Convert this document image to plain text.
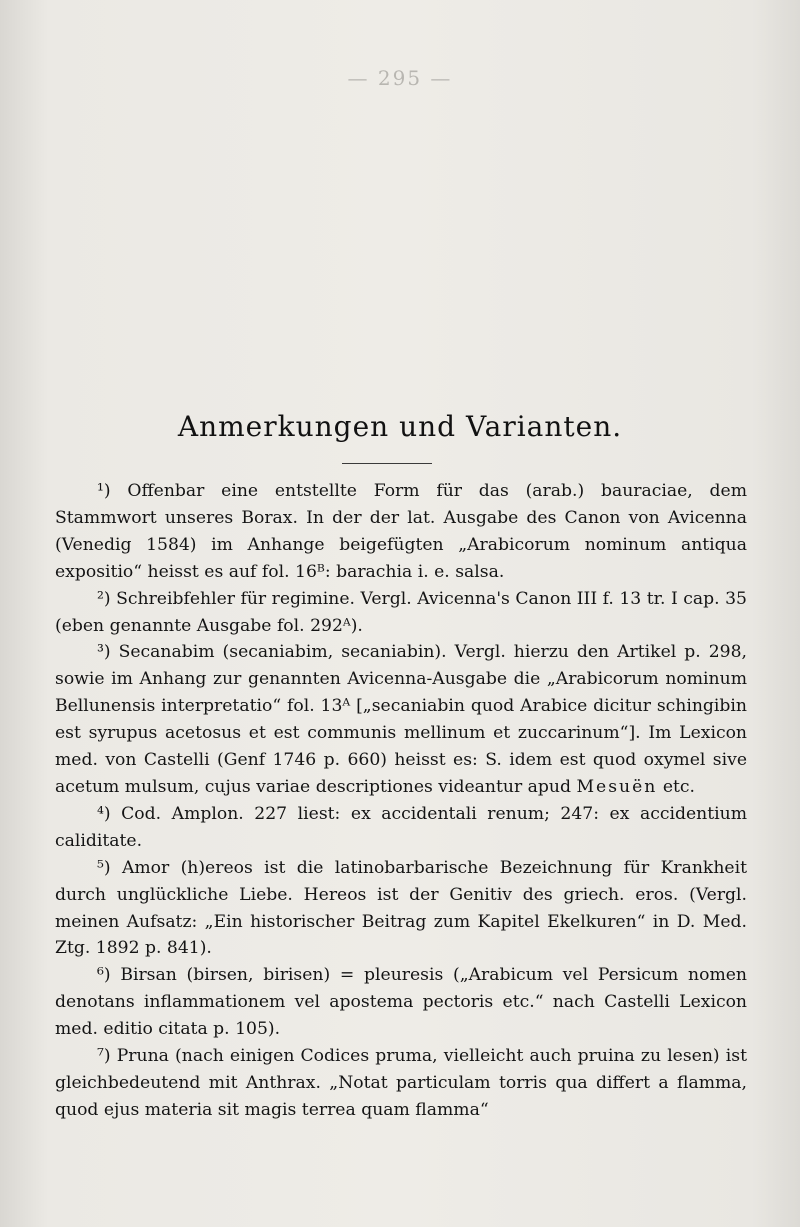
— 295 —
Anmerkungen und Varianten.

¹) Offenbar eine entstellte Form für das (arab.) bauraciae, dem Stammwort unseres Borax. In der der lat. Ausgabe des Canon von Avicenna (Venedig 1584) im Anhange beigefügten „Arabicorum nominum antiqua expositio“ heisst es auf fol. 16ᴮ: barachia i. e. salsa.

²) Schreibfehler für regimine. Vergl. Avicenna's Canon III f. 13 tr. I cap. 35 (eben genannte Ausgabe fol. 292ᴬ).

³) Secanabim (secaniabim, secaniabin). Vergl. hierzu den Artikel p. 298, sowie im Anhang zur genannten Avicenna-Ausgabe die „Arabicorum nominum Bellunensis interpretatio“ fol. 13ᴬ [„secaniabin quod Arabice dicitur schingibin est syrupus acetosus et est communis mellinum et zuccarinum“]. Im Lexicon med. von Castelli (Genf 1746 p. 660) heisst es: S. idem est quod oxymel sive acetum mulsum, cujus variae descriptiones videantur apud Mesuën etc.

⁴) Cod. Amplon. 227 liest: ex accidentali renum; 247: ex accidentium caliditate.

⁵) Amor (h)ereos ist die latinobarbarische Bezeichnung für Krankheit durch unglückliche Liebe. Hereos ist der Genitiv des griech. eros. (Vergl. meinen Aufsatz: „Ein historischer Beitrag zum Kapitel Ekelkuren“ in D. Med. Ztg. 1892 p. 841).

⁶) Birsan (birsen, birisen) = pleuresis („Arabicum vel Persicum nomen denotans inflammationem vel apostema pectoris etc.“ nach Castelli Lexicon med. editio citata p. 105).

⁷) Pruna (nach einigen Codices pruma, vielleicht auch pruina zu lesen) ist gleichbedeutend mit Anthrax. „Notat particulam torris qua differt a flamma, quod ejus materia sit magis terrea quam flamma“
